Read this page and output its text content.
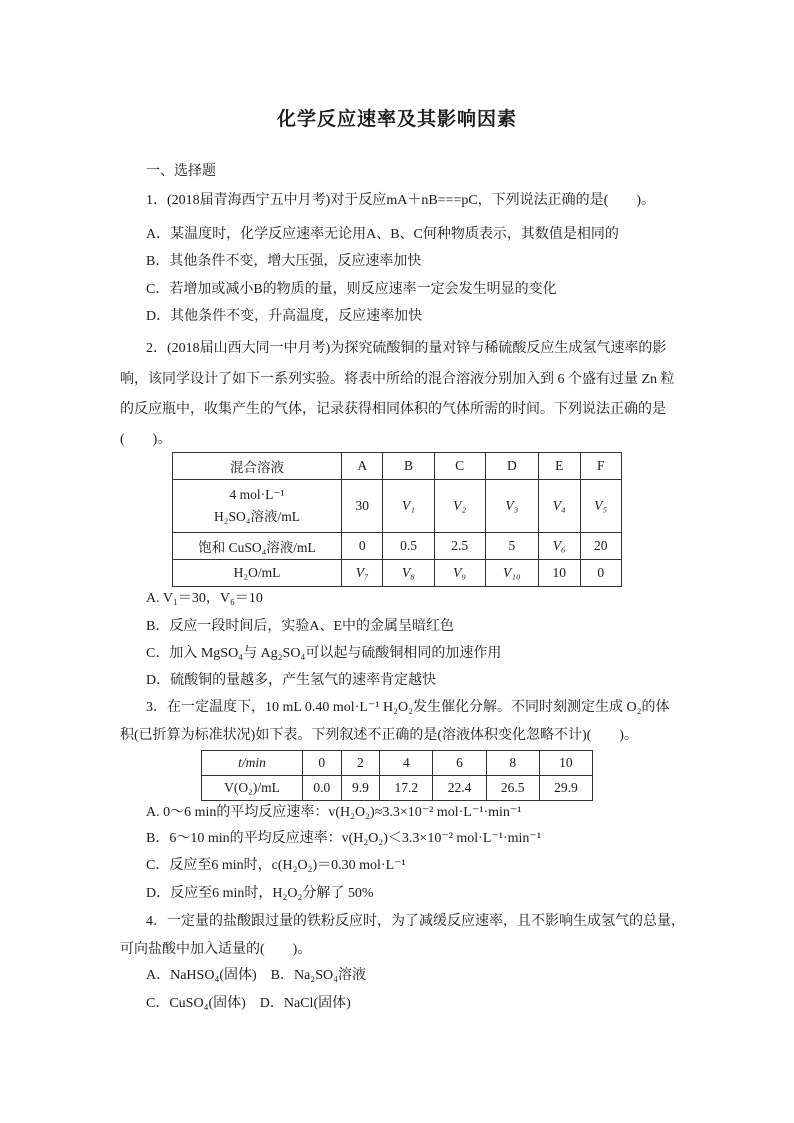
化学反应速率及其影响因素
一、选择题
1．(2018届青海西宁五中月考)对于反应mA＋nB===pC，下列说法正确的是(　　)。
A．某温度时，化学反应速率无论用A、B、C何种物质表示，其数值是相同的
B．其他条件不变，增大压强，反应速率加快
C．若增加或减小B的物质的量，则反应速率一定会发生明显的变化
D．其他条件不变，升高温度，反应速率加快
2．(2018届山西大同一中月考)为探究硫酸铜的量对锌与稀硫酸反应生成氢气速率的影
响，该同学设计了如下一系列实验。将表中所给的混合溶液分别加入到 6 个盛有过量 Zn 粒
的反应瓶中，收集产生的气体，记录获得相同体积的气体所需的时间。下列说法正确的是
(　　)。
混合溶液	A	B	C	D	E	F

4 mol·L⁻¹
H₂SO₄溶液/mL	30	V₁	V₂	V₃	V₄	V₅
饱和 CuSO₄溶液/mL	0	0.5	2.5	5	V₆	20
H₂O/mL	V₇	V₈	V₉	V₁₀	10	0
A. V₁＝30，V₆＝10
B．反应一段时间后，实验A、E中的金属呈暗红色
C．加入 MgSO₄与 Ag₂SO₄可以起与硫酸铜相同的加速作用
D．硫酸铜的量越多，产生氢气的速率肯定越快
3．在一定温度下，10 mL 0.40 mol·L⁻¹ H₂O₂发生催化分解。不同时刻测定生成 O₂的体
积(已折算为标准状况)如下表。下列叙述不正确的是(溶液体积变化忽略不计)(　　)。
t/min	0	2	4	6	8	10
V(O₂)/mL	0.0	9.9	17.2	22.4	26.5	29.9
A. 0～6 min的平均反应速率：v(H₂O₂)≈3.3×10⁻² mol·L⁻¹·min⁻¹
B．6～10 min的平均反应速率：v(H₂O₂)＜3.3×10⁻² mol·L⁻¹·min⁻¹
C．反应至6 min时，c(H₂O₂)＝0.30 mol·L⁻¹
D．反应至6 min时，H₂O₂分解了 50%
4．一定量的盐酸跟过量的铁粉反应时，为了减缓反应速率，且不影响生成氢气的总量，
可向盐酸中加入适量的(　　)。
A．NaHSO₄(固体)　B．Na₂SO₄溶液
C．CuSO₄(固体)　D．NaCl(固体)
